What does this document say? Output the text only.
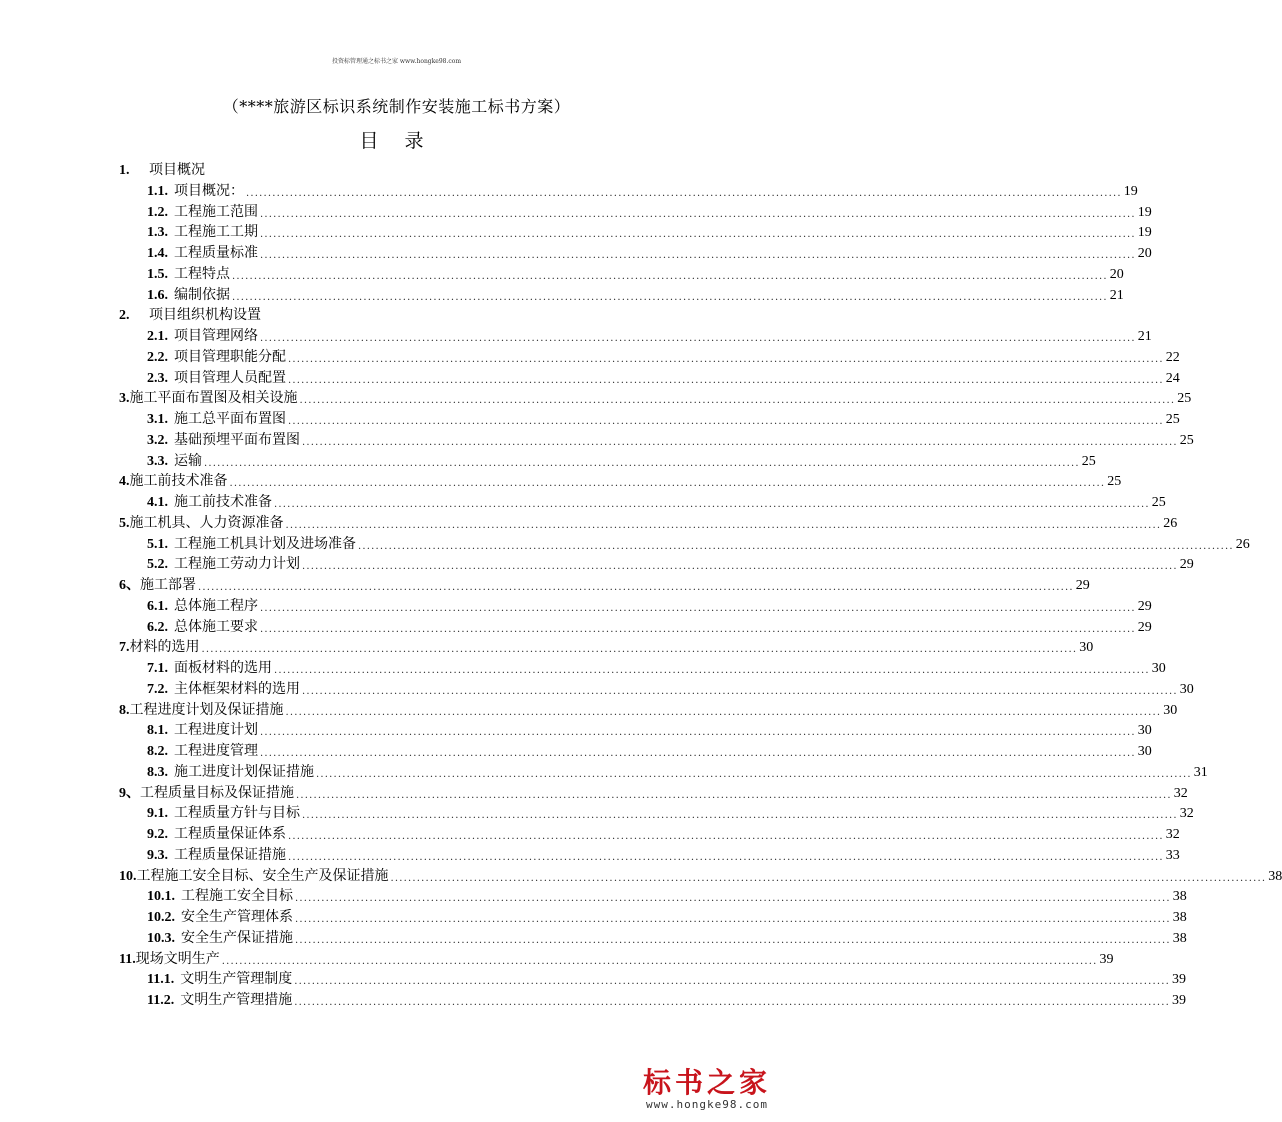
投资标管理通之标书之家 www.hongke98.com
（****旅游区标识系统制作安装施工标书方案）
目 录
1.	项目概况
1.1. 项目概况： ........................................................................................................................................................................................................ 19
1.2. 工程施工范围 ........................................................................................................................................................................................................ 19
1.3. 工程施工工期 ........................................................................................................................................................................................................ 19
1.4. 工程质量标准 ........................................................................................................................................................................................................ 20
1.5. 工程特点 ........................................................................................................................................................................................................ 20
1.6. 编制依据 ........................................................................................................................................................................................................ 21
2.	项目组织机构设置
2.1. 项目管理网络 ........................................................................................................................................................................................................ 21
2.2. 项目管理职能分配 ........................................................................................................................................................................................................ 22
2.3. 项目管理人员配置 ........................................................................................................................................................................................................ 24
3. 施工平面布置图及相关设施 ........................................................................................................................................................................................................ 25
3.1. 施工总平面布置图 ........................................................................................................................................................................................................ 25
3.2. 基础预埋平面布置图 ........................................................................................................................................................................................................ 25
3.3. 运输 ........................................................................................................................................................................................................ 25
4. 施工前技术准备 ........................................................................................................................................................................................................ 25
4.1. 施工前技术准备 ........................................................................................................................................................................................................ 25
5. 施工机具、人力资源准备 ........................................................................................................................................................................................................ 26
5.1. 工程施工机具计划及进场准备 ........................................................................................................................................................................................................ 26
5.2. 工程施工劳动力计划 ........................................................................................................................................................................................................ 29
6、 施工部署 ........................................................................................................................................................................................................ 29
6.1. 总体施工程序 ........................................................................................................................................................................................................ 29
6.2. 总体施工要求 ........................................................................................................................................................................................................ 29
7. 材料的选用 ........................................................................................................................................................................................................ 30
7.1. 面板材料的选用 ........................................................................................................................................................................................................ 30
7.2. 主体框架材料的选用 ........................................................................................................................................................................................................ 30
8. 工程进度计划及保证措施 ........................................................................................................................................................................................................ 30
8.1. 工程进度计划 ........................................................................................................................................................................................................ 30
8.2. 工程进度管理 ........................................................................................................................................................................................................ 30
8.3. 施工进度计划保证措施 ........................................................................................................................................................................................................ 31
9、 工程质量目标及保证措施 ........................................................................................................................................................................................................ 32
9.1. 工程质量方针与目标 ........................................................................................................................................................................................................ 32
9.2. 工程质量保证体系 ........................................................................................................................................................................................................ 32
9.3. 工程质量保证措施 ........................................................................................................................................................................................................ 33
10. 工程施工安全目标、安全生产及保证措施 ........................................................................................................................................................................................................ 38
10.1. 工程施工安全目标 ........................................................................................................................................................................................................ 38
10.2. 安全生产管理体系 ........................................................................................................................................................................................................ 38
10.3. 安全生产保证措施 ........................................................................................................................................................................................................ 38
11. 现场文明生产 ........................................................................................................................................................................................................ 39
11.1. 文明生产管理制度 ........................................................................................................................................................................................................ 39
11.2. 文明生产管理措施 ........................................................................................................................................................................................................ 39
标书之家
www.hongke98.com
